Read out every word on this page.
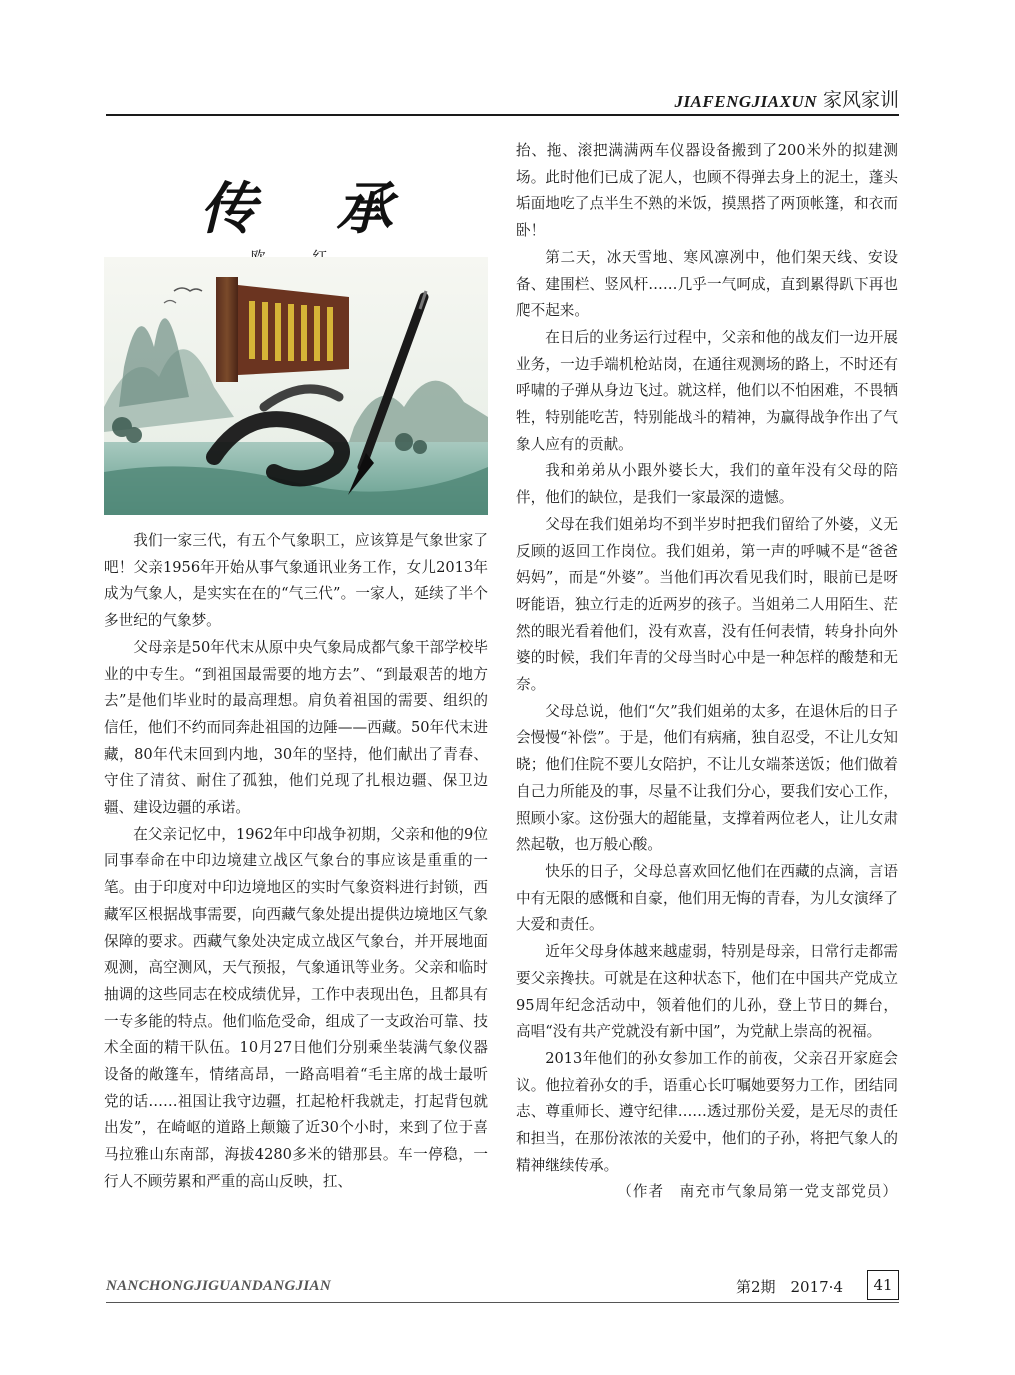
JIAFENGJIAXUN 家风家训
传 承

我们一家三代，有五个气象职工，应该算是气象世家了吧！父亲1956年开始从事气象通讯业务工作，女儿2013年成为气象人，是实实在在的“气三代”。一家人，延续了半个多世纪的气象梦。

父母亲是50年代末从原中央气象局成都气象干部学校毕业的中专生。“到祖国最需要的地方去”、“到最艰苦的地方去”是他们毕业时的最高理想。肩负着祖国的需要、组织的信任，他们不约而同奔赴祖国的边陲——西藏。50年代末进藏，80年代末回到内地，30年的坚持，他们献出了青春、守住了清贫、耐住了孤独，他们兑现了扎根边疆、保卫边疆、建设边疆的承诺。

在父亲记忆中，1962年中印战争初期，父亲和他的9位同事奉命在中印边境建立战区气象台的事应该是重重的一笔。由于印度对中印边境地区的实时气象资料进行封锁，西藏军区根据战事需要，向西藏气象处提出提供边境地区气象保障的要求。西藏气象处决定成立战区气象台，并开展地面观测，高空测风，天气预报，气象通讯等业务。父亲和临时抽调的这些同志在校成绩优异，工作中表现出色，且都具有一专多能的特点。他们临危受命，组成了一支政治可靠、技术全面的精干队伍。10月27日他们分别乘坐装满气象仪器设备的敞篷车，情绪高昂，一路高唱着“毛主席的战士最听党的话……祖国让我守边疆，扛起枪杆我就走，打起背包就出发”，在崎岖的道路上颠簸了近30个小时，来到了位于喜马拉雅山东南部，海拔4280多米的错那县。车一停稳，一行人不顾劳累和严重的高山反映，扛、

抬、拖、滚把满满两车仪器设备搬到了200米外的拟建测场。此时他们已成了泥人，也顾不得弹去身上的泥土，蓬头垢面地吃了点半生不熟的米饭，摸黑搭了两顶帐篷，和衣而卧！

第二天，冰天雪地、寒风凛冽中，他们架天线、安设备、建围栏、竖风杆……几乎一气呵成，直到累得趴下再也爬不起来。

在日后的业务运行过程中，父亲和他的战友们一边开展业务，一边手端机枪站岗，在通往观测场的路上，不时还有呼啸的子弹从身边飞过。就这样，他们以不怕困难，不畏牺牲，特别能吃苦，特别能战斗的精神，为赢得战争作出了气象人应有的贡献。

我和弟弟从小跟外婆长大，我们的童年没有父母的陪伴，他们的缺位，是我们一家最深的遗憾。

父母在我们姐弟均不到半岁时把我们留给了外婆，义无反顾的返回工作岗位。我们姐弟，第一声的呼喊不是“爸爸妈妈”，而是“外婆”。当他们再次看见我们时，眼前已是呀呀能语，独立行走的近两岁的孩子。当姐弟二人用陌生、茫然的眼光看着他们，没有欢喜，没有任何表情，转身扑向外婆的时候，我们年青的父母当时心中是一种怎样的酸楚和无奈。

父母总说，他们“欠”我们姐弟的太多，在退休后的日子会慢慢“补偿”。于是，他们有病痛，独自忍受，不让儿女知晓；他们住院不要儿女陪护，不让儿女端茶送饭；他们做着自己力所能及的事，尽量不让我们分心，要我们安心工作，照顾小家。这份强大的超能量，支撑着两位老人，让儿女肃然起敬，也万般心酸。

快乐的日子，父母总喜欢回忆他们在西藏的点滴，言语中有无限的感慨和自豪，他们用无悔的青春，为儿女演绎了大爱和责任。

近年父母身体越来越虚弱，特别是母亲，日常行走都需要父亲搀扶。可就是在这种状态下，他们在中国共产党成立95周年纪念活动中，领着他们的儿孙，登上节日的舞台，高唱“没有共产党就没有新中国”，为党献上崇高的祝福。

2013年他们的孙女参加工作的前夜，父亲召开家庭会议。他拉着孙女的手，语重心长叮嘱她要努力工作，团结同志、尊重师长、遵守纪律……透过那份关爱，是无尽的责任和担当，在那份浓浓的关爱中，他们的子孙，将把气象人的精神继续传承。

（作者　南充市气象局第一党支部党员）

NANCHONGJIGUANDANGJIAN	第2期　2017·4	41
